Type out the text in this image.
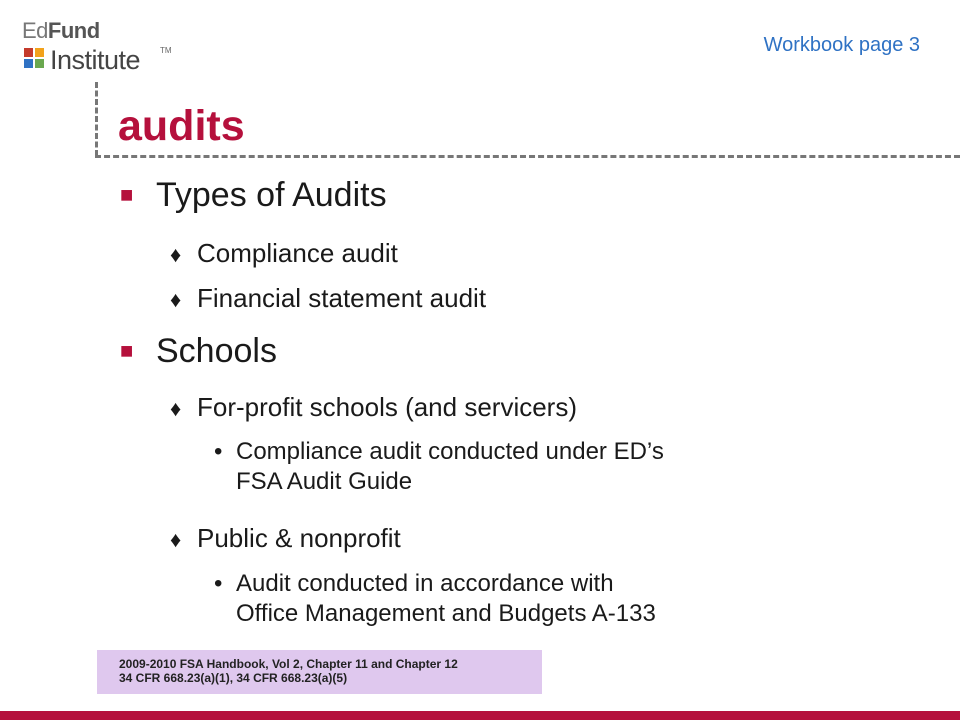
EdFund
Institute TM	Workbook page 3
audits
■ Types of Audits
♦ Compliance audit
♦ Financial statement audit
■ Schools
♦ For-profit schools (and servicers)
• Compliance audit conducted under ED’s
FSA Audit Guide
♦ Public & nonprofit
• Audit conducted in accordance with
Office Management and Budgets A-133
2009-2010 FSA Handbook, Vol 2, Chapter 11 and Chapter 12
34 CFR 668.23(a)(1), 34 CFR 668.23(a)(5)
